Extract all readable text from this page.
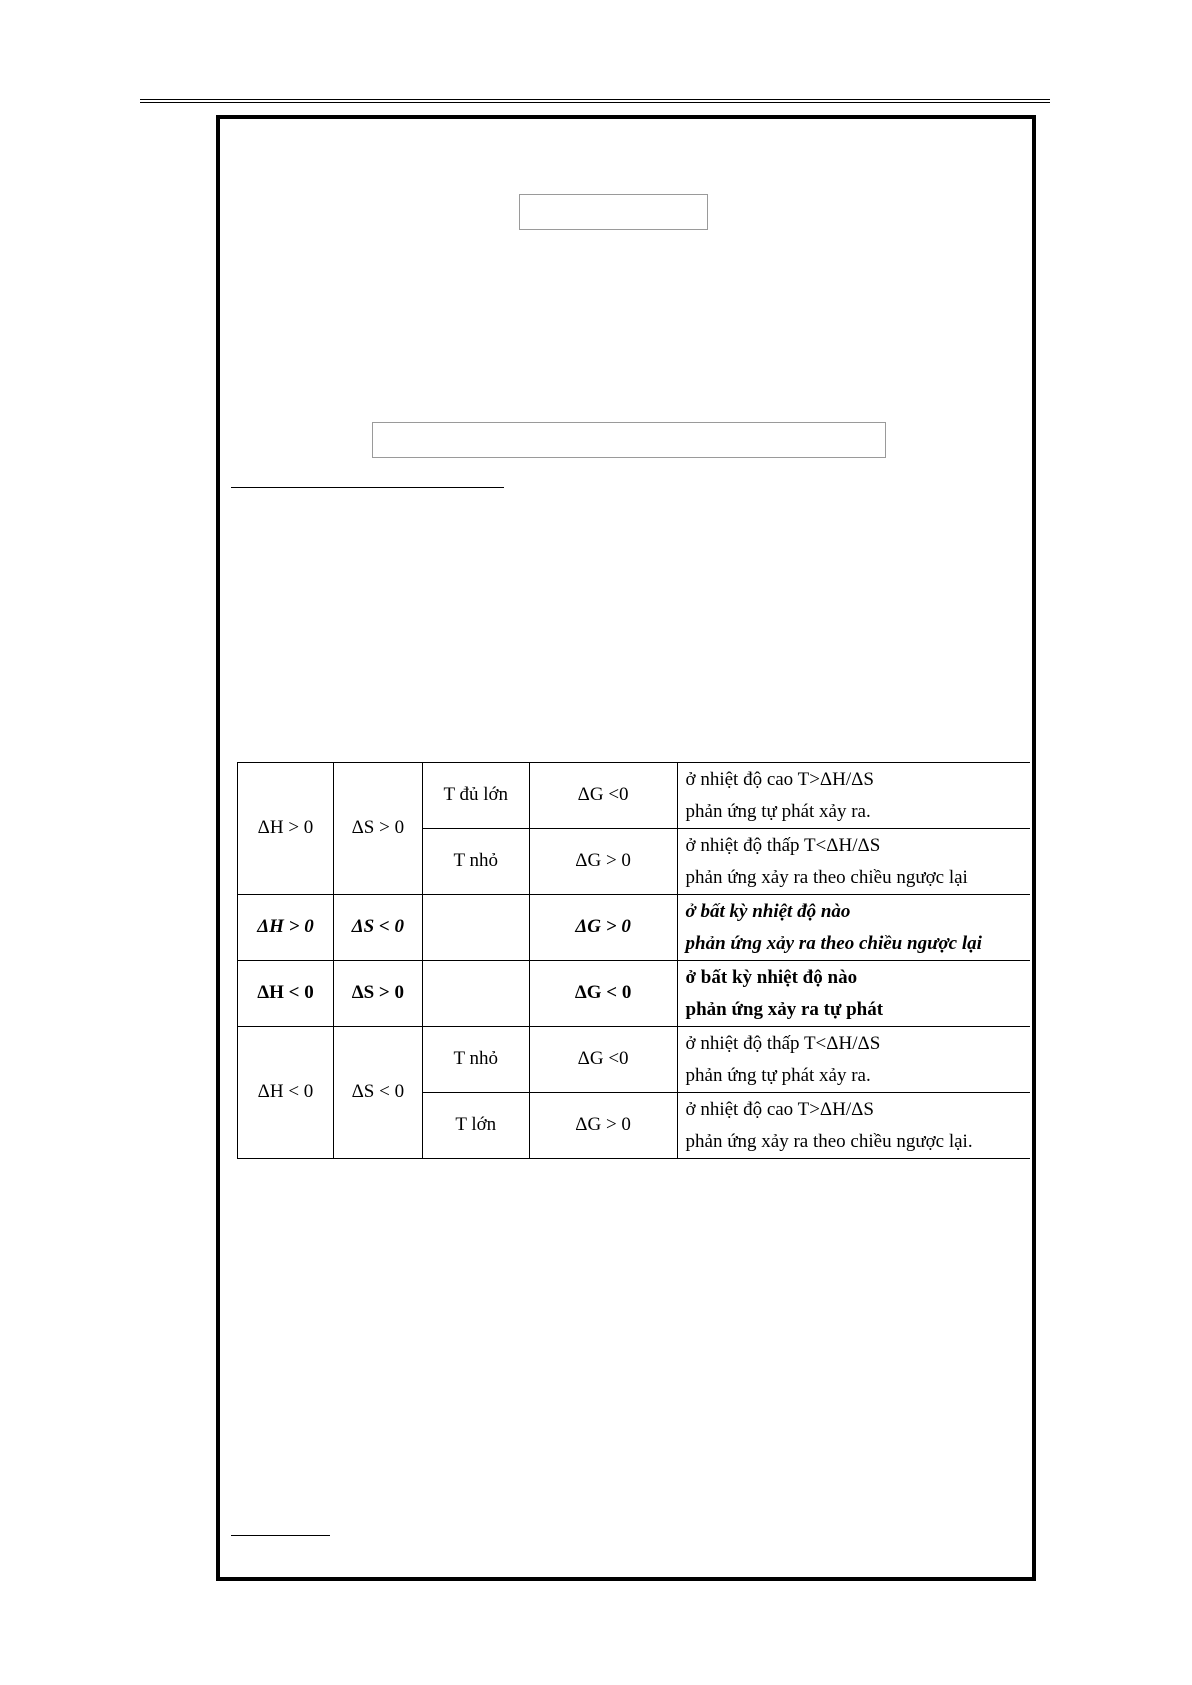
ΔH > 0	ΔS > 0	T đủ lớn	ΔG <0	ở nhiệt độ cao T>ΔH/ΔS
phản ứng tự phát xảy ra.

		T nhỏ	ΔG > 0	ở nhiệt độ thấp T<ΔH/ΔS
phản ứng xảy ra theo chiều ngược lại

ΔH > 0	ΔS < 0		ΔG > 0	ở bất kỳ nhiệt độ nào
phản ứng xảy ra theo chiều ngược lại

ΔH < 0	ΔS > 0		ΔG < 0	ở bất kỳ nhiệt độ nào
phản ứng xảy ra tự phát

ΔH < 0	ΔS < 0	T nhỏ	ΔG <0	ở nhiệt độ thấp T<ΔH/ΔS
phản ứng tự phát xảy ra.

		T lớn	ΔG > 0	ở nhiệt độ cao T>ΔH/ΔS
phản ứng xảy ra theo chiều ngược lại.
